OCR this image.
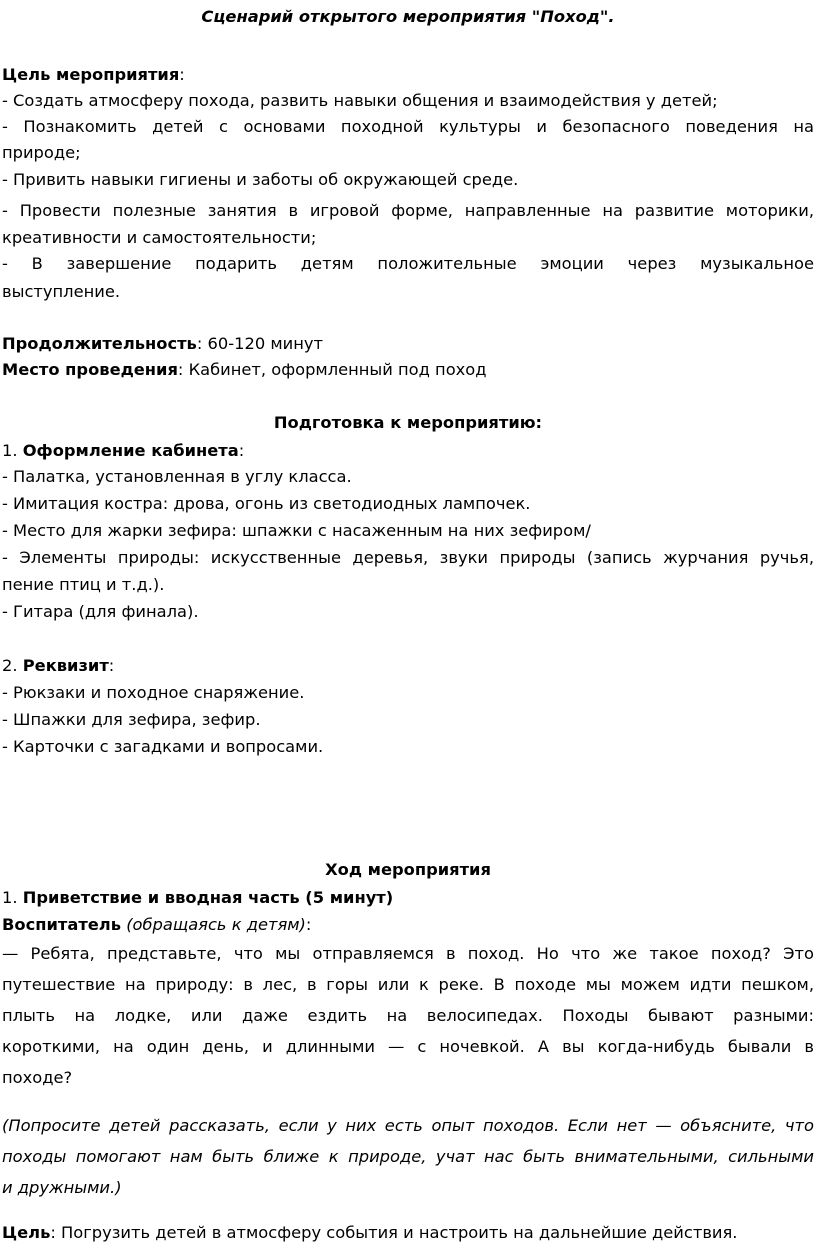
Сценарий открытого мероприятия "Поход".
Цель мероприятия:
- Создать атмосферу похода, развить навыки общения и взаимодействия у детей;
- Познакомить детей с основами походной культуры и безопасного поведения на
природе;
- Привить навыки гигиены и заботы об окружающей среде.
- Провести полезные занятия в игровой форме, направленные на развитие моторики,
креативности и самостоятельности;
- В завершение подарить детям положительные эмоции через музыкальное
выступление.
Продолжительность: 60-120 минут
Место проведения: Кабинет, оформленный под поход
Подготовка к мероприятию:
1. Оформление кабинета:
- Палатка, установленная в углу класса.
- Имитация костра: дрова, огонь из светодиодных лампочек.
- Место для жарки зефира: шпажки с насаженным на них зефиром/
- Элементы природы: искусственные деревья, звуки природы (запись журчания ручья,
пение птиц и т.д.).
- Гитара (для финала).
2. Реквизит:
- Рюкзаки и походное снаряжение.
- Шпажки для зефира, зефир.
- Карточки с загадками и вопросами.
Ход мероприятия
1. Приветствие и вводная часть (5 минут)
Воспитатель (обращаясь к детям):
— Ребята, представьте, что мы отправляемся в поход. Но что же такое поход? Это
путешествие на природу: в лес, в горы или к реке. В походе мы можем идти пешком,
плыть на лодке, или даже ездить на велосипедах. Походы бывают разными:
короткими, на один день, и длинными — с ночевкой. А вы когда-нибудь бывали в
походе?
(Попросите детей рассказать, если у них есть опыт походов. Если нет — объясните, что
походы помогают нам быть ближе к природе, учат нас быть внимательными, сильными
и дружными.)
Цель: Погрузить детей в атмосферу события и настроить на дальнейшие действия.
